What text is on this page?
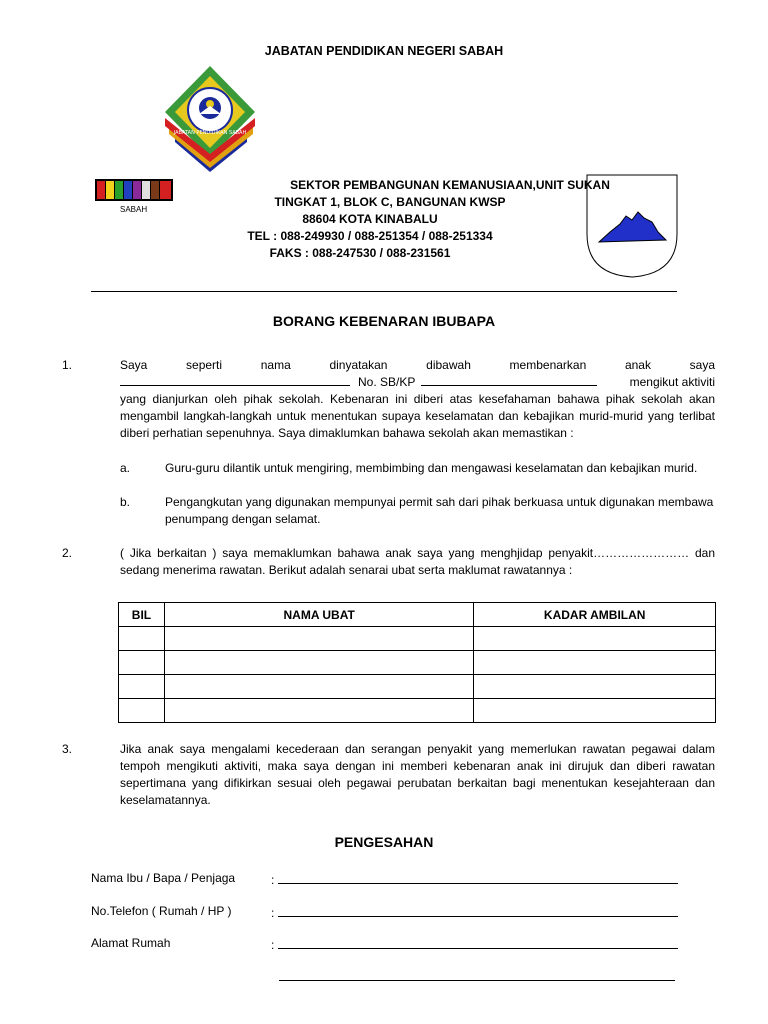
JABATAN PENDIDIKAN NEGERI SABAH
JABATAN PENDIDIKAN SABAH
SABAH
SEKTOR PEMBANGUNAN KEMANUSIAAN,UNIT SUKAN
TINGKAT 1, BLOK C, BANGUNAN KWSP
88604 KOTA KINABALU
TEL : 088-249930 / 088-251354 / 088-251334
FAKS : 088-247530 / 088-231561
BORANG KEBENARAN IBUBAPA
1.	Saya seperti nama dinyatakan dibawah membenarkan anak saya
No. SB/KP	mengikut aktiviti
yang dianjurkan oleh pihak sekolah. Kebenaran ini diberi atas kesefahaman bahawa pihak sekolah akan mengambil langkah-langkah untuk menentukan supaya keselamatan dan kebajikan murid-murid yang terlibat diberi perhatian sepenuhnya. Saya dimaklumkan bahawa sekolah akan memastikan :
a.	Guru-guru dilantik untuk mengiring, membimbing dan mengawasi keselamatan dan kebajikan murid.
b.	Pengangkutan yang digunakan mempunyai permit sah dari pihak berkuasa untuk digunakan membawa penumpang dengan selamat.
2.	( Jika berkaitan ) saya memaklumkan bahawa anak saya yang menghjidap penyakit…………………… dan
sedang menerima rawatan. Berikut adalah senarai ubat serta maklumat rawatannya :
BIL	NAMA UBAT	KADAR AMBILAN

3.	Jika anak saya mengalami kecederaan dan serangan penyakit yang memerlukan rawatan pegawai dalam tempoh mengikuti aktiviti, maka saya dengan ini memberi kebenaran anak ini dirujuk dan diberi rawatan sepertimana yang difikirkan sesuai oleh pegawai perubatan berkaitan bagi menentukan kesejahteraan dan keselamatannya.
PENGESAHAN
Nama Ibu / Bapa / Penjaga	:
No.Telefon ( Rumah / HP )	:
Alamat Rumah	:
